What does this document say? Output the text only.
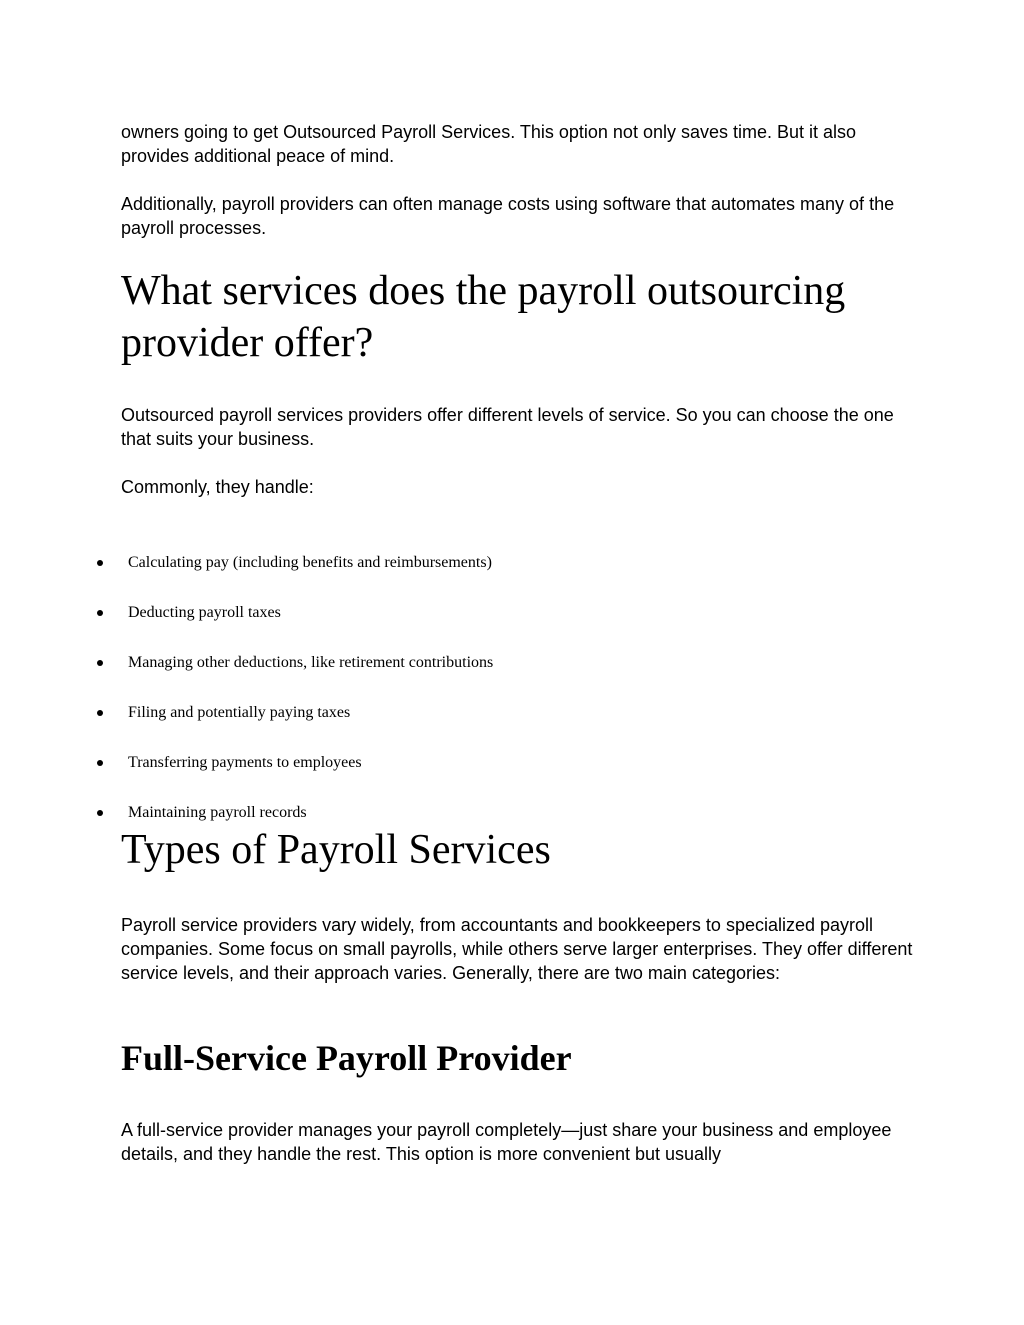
owners going to get Outsourced Payroll Services. This option not only saves time. But it also provides additional peace of mind.

Additionally, payroll providers can often manage costs using software that automates many of the payroll processes.

What services does the payroll outsourcing provider offer?

Outsourced payroll services providers offer different levels of service. So you can choose the one that suits your business.

Commonly, they handle:

Calculating pay (including benefits and reimbursements)
Deducting payroll taxes
Managing other deductions, like retirement contributions
Filing and potentially paying taxes
Transferring payments to employees
Maintaining payroll records
Types of Payroll Services

Payroll service providers vary widely, from accountants and bookkeepers to specialized payroll companies. Some focus on small payrolls, while others serve larger enterprises. They offer different service levels, and their approach varies. Generally, there are two main categories:

Full-Service Payroll Provider

A full-service provider manages your payroll completely—just share your business and employee details, and they handle the rest. This option is more convenient but usually
